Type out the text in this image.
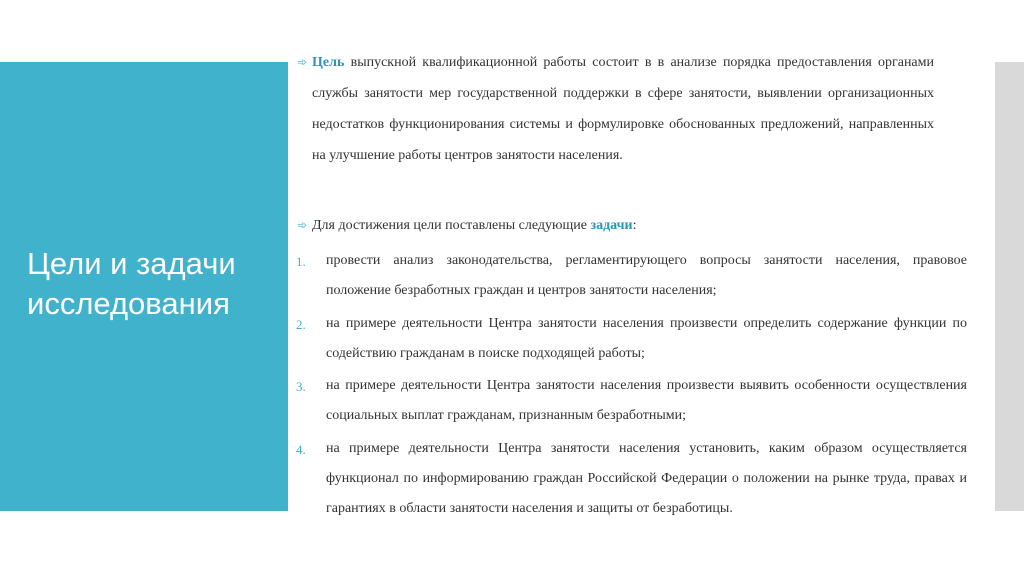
Цели и задачи исследования
➾ Цель выпускной квалификационной работы состоит в в анализе порядка предоставления органами службы занятости мер государственной поддержки в сфере занятости, выявлении организационных недостатков функционирования системы и формулировке обоснованных предложений, направленных на улучшение работы центров занятости населения.
➾ Для достижения цели поставлены следующие задачи:
1. провести анализ законодательства, регламентирующего вопросы занятости населения, правовое положение безработных граждан и центров занятости населения;
2. на примере деятельности Центра занятости населения произвести определить содержание функции по содействию гражданам в поиске подходящей работы;
3. на примере деятельности Центра занятости населения произвести выявить особенности осуществления социальных выплат гражданам, признанным безработными;
4. на примере деятельности Центра занятости населения установить, каким образом осуществляется функционал по информированию граждан Российской Федерации о положении на рынке труда, правах и гарантиях в области занятости населения и защиты от безработицы.
